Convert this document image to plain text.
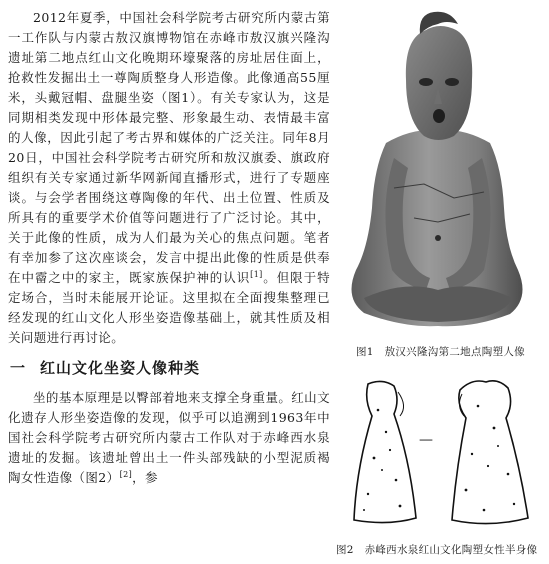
2012年夏季，中国社会科学院考古研究所内蒙古第一工作队与内蒙古敖汉旗博物馆在赤峰市敖汉旗兴隆沟遗址第二地点红山文化晚期环壕聚落的房址居住面上，抢救性发掘出土一尊陶质整身人形造像。此像通高55厘米，头戴冠帽、盘腿坐姿（图1）。有关专家认为，这是同期相类发现中形体最完整、形象最生动、表情最丰富的人像，因此引起了考古界和媒体的广泛关注。同年8月20日，中国社会科学院考古研究所和敖汉旗委、旗政府组织有关专家通过新华网新闻直播形式，进行了专题座谈。与会学者围绕这尊陶像的年代、出土位置、性质及所具有的重要学术价值等问题进行了广泛讨论。其中，关于此像的性质，成为人们最为关心的焦点问题。笔者有幸加参了这次座谈会，发言中提出此像的性质是供奉在中霤之中的家主，既家族保护神的认识[1]。但限于特定场合，当时未能展开论证。这里拟在全面搜集整理已经发现的红山文化人形坐姿造像基础上，就其性质及相关问题进行再讨论。

一 红山文化坐姿人像种类

坐的基本原理是以臀部着地来支撑全身重量。红山文化遗存人形坐姿造像的发现，似乎可以追溯到1963年中国社会科学院考古研究所内蒙古工作队对于赤峰西水泉遗址的发掘。该遗址曾出土一件头部残缺的小型泥质褐陶女性造像（图2）[2]，参

图1　敖汉兴隆沟第二地点陶塑人像
—
图2　赤峰西水泉红山文化陶塑女性半身像
